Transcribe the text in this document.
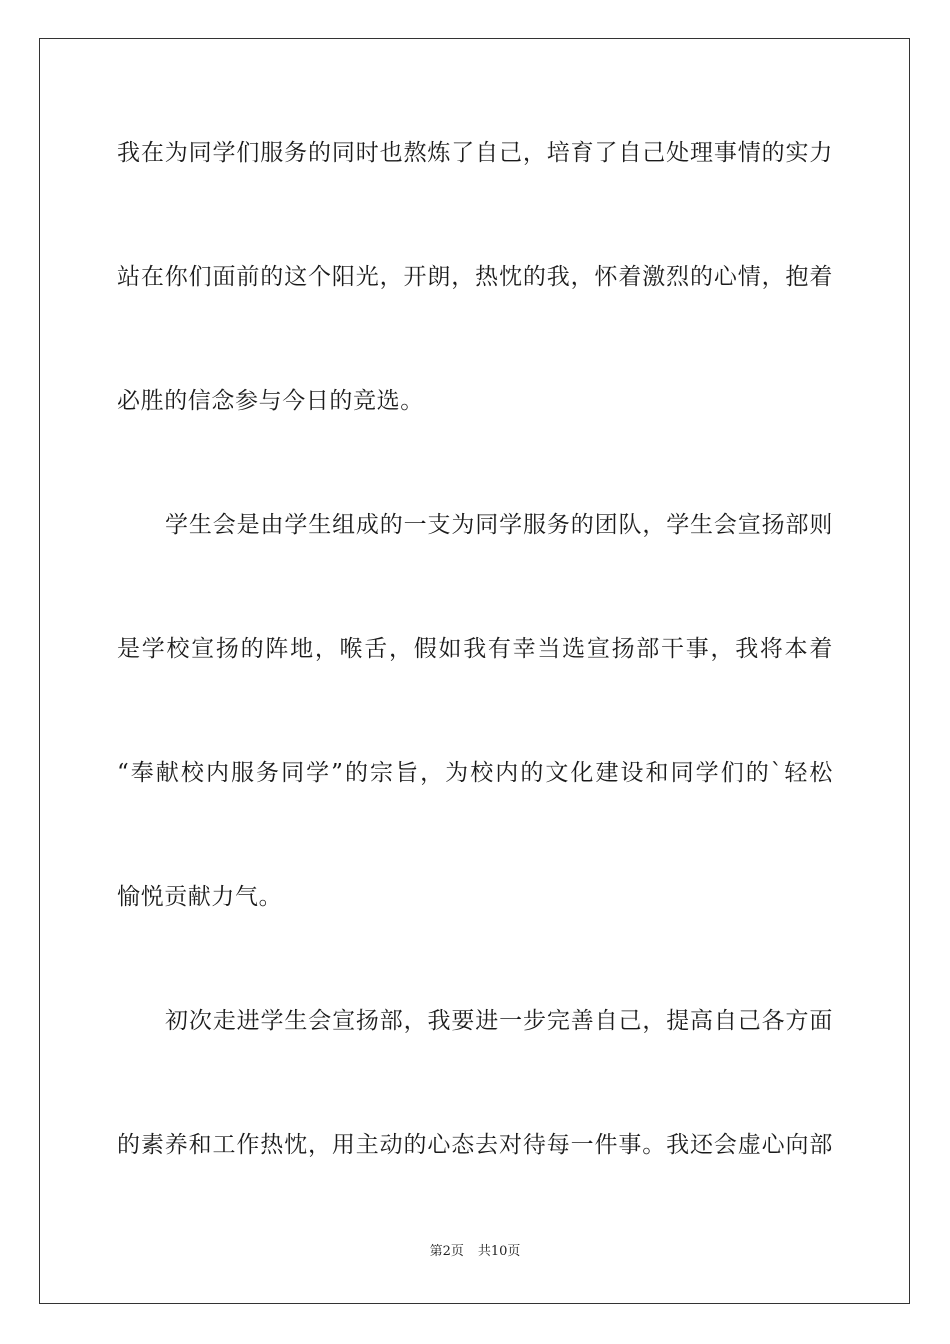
我在为同学们服务的同时也熬炼了自己，培育了自己处理事情的实力
站在你们面前的这个阳光，开朗，热忱的我，怀着激烈的心情，抱着
必胜的信念参与今日的竞选。
学生会是由学生组成的一支为同学服务的团队，学生会宣扬部则
是学校宣扬的阵地，喉舌，假如我有幸当选宣扬部干事，我将本着
“奉献校内服务同学”的宗旨，为校内的文化建设和同学们的`轻松
愉悦贡献力气。
初次走进学生会宣扬部，我要进一步完善自己，提高自己各方面
的素养和工作热忱，用主动的心态去对待每一件事。我还会虚心向部
第2页 共10页
